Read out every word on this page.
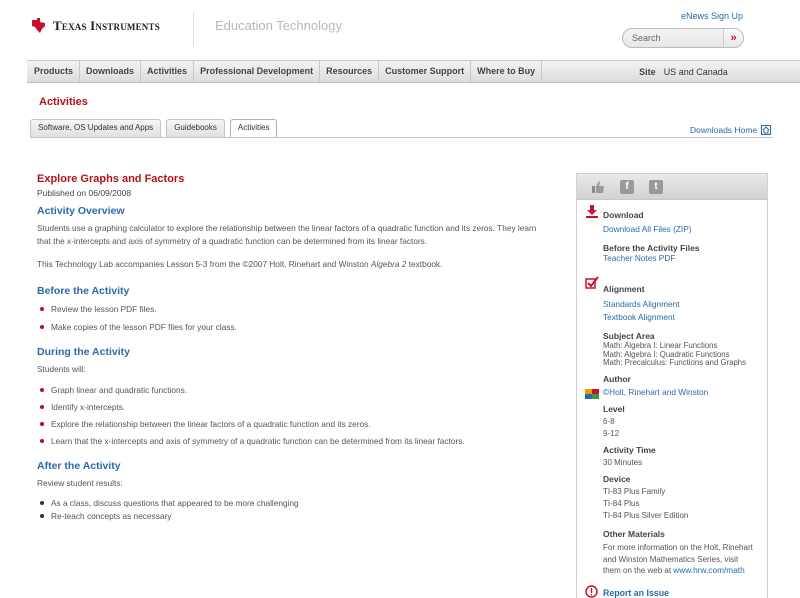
Texas Instruments	Education Technology
eNews Sign Up
Search
»
Products	Downloads	Activities	Professional Development	Resources	Customer Support	Where to Buy	Site US and Canada
Activities
Software, OS Updates and Apps	Guidebooks	Activities	Downloads Home
Explore Graphs and Factors
Published on 06/09/2008
Activity Overview
Students use a graphing calculator to explore the relationship between the linear factors of a quadratic function and its zeros. They learn that the x-intercepts and axis of symmetry of a quadratic function can be determined from its linear factors.
This Technology Lab accompanies Lesson 5-3 from the ©2007 Holt, Rinehart and Winston Algebra 2 textbook.
Before the Activity
Review the lesson PDF files.
Make copies of the lesson PDF files for your class.
During the Activity
Students will:
Graph linear and quadratic functions.
Identify x-intercepts.
Explore the relationship between the linear factors of a quadratic function and its zeros.
Learn that the x-intercepts and axis of symmetry of a quadratic function can be determined from its linear factors.
After the Activity
Review student results:
As a class, discuss questions that appeared to be more challenging
Re-teach concepts as necessary
f	t
Download
Download All Files (ZIP)
Before the Activity Files
Teacher Notes PDF
Alignment
Standards Alignment
Textbook Alignment
Subject Area
Math: Algebra I: Linear Functions
Math: Algebra I: Quadratic Functions
Math: Precalculus: Functions and Graphs
Author
©Holt, Rinehart and Winston
Level
6-8
9-12
Activity Time
30 Minutes
Device
TI-83 Plus Family
TI-84 Plus
TI-84 Plus Silver Edition
Other Materials
For more information on the Holt, Rinehart
and Winston Mathematics Series, visit
them on the web at www.hrw.com/math
Report an Issue
